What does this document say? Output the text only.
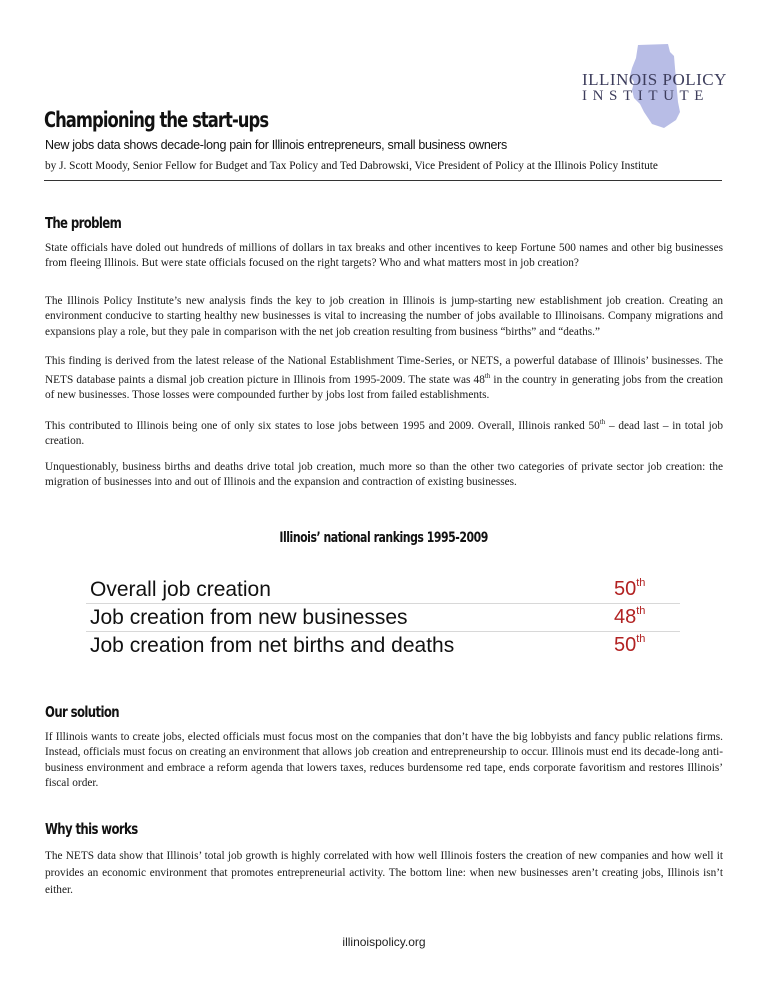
ILLINOIS POLICY
INSTITUTE
Championing the start-ups
New jobs data shows decade-long pain for Illinois entrepreneurs, small business owners
by J. Scott Moody, Senior Fellow for Budget and Tax Policy and Ted Dabrowski, Vice President of Policy at the Illinois Policy Institute
The problem

State officials have doled out hundreds of millions of dollars in tax breaks and other incentives to keep Fortune 500 names and other big businesses from fleeing Illinois. But were state officials focused on the right targets? Who and what matters most in job creation?

The Illinois Policy Institute’s new analysis finds the key to job creation in Illinois is jump-starting new establishment job creation. Creating an environment conducive to starting healthy new businesses is vital to increasing the number of jobs available to Illinoisans. Company migrations and expansions play a role, but they pale in comparison with the net job creation resulting from business “births” and “deaths.”

This finding is derived from the latest release of the National Establishment Time-Series, or NETS, a powerful database of Illinois’ businesses. The NETS database paints a dismal job creation picture in Illinois from 1995-2009. The state was 48th in the country in generating jobs from the creation of new businesses. Those losses were compounded further by jobs lost from failed establishments.

This contributed to Illinois being one of only six states to lose jobs between 1995 and 2009. Overall, Illinois ranked 50th – dead last – in total job creation.

Unquestionably, business births and deaths drive total job creation, much more so than the other two categories of private sector job creation: the migration of businesses into and out of Illinois and the expansion and contraction of existing businesses.

Illinois’ national rankings 1995-2009
Overall job creation	50th
Job creation from new businesses	48th
Job creation from net births and deaths	50th
Our solution

If Illinois wants to create jobs, elected officials must focus most on the companies that don’t have the big lobbyists and fancy public relations firms. Instead, officials must focus on creating an environment that allows job creation and entrepreneurship to occur. Illinois must end its decade-long anti-business environment and embrace a reform agenda that lowers taxes, reduces burdensome red tape, ends corporate favoritism and restores Illinois’ fiscal order.

Why this works

The NETS data show that Illinois’ total job growth is highly correlated with how well Illinois fosters the creation of new companies and how well it provides an economic environment that promotes entrepreneurial activity. The bottom line: when new businesses aren’t creating jobs, Illinois isn’t either.

illinoispolicy.org
